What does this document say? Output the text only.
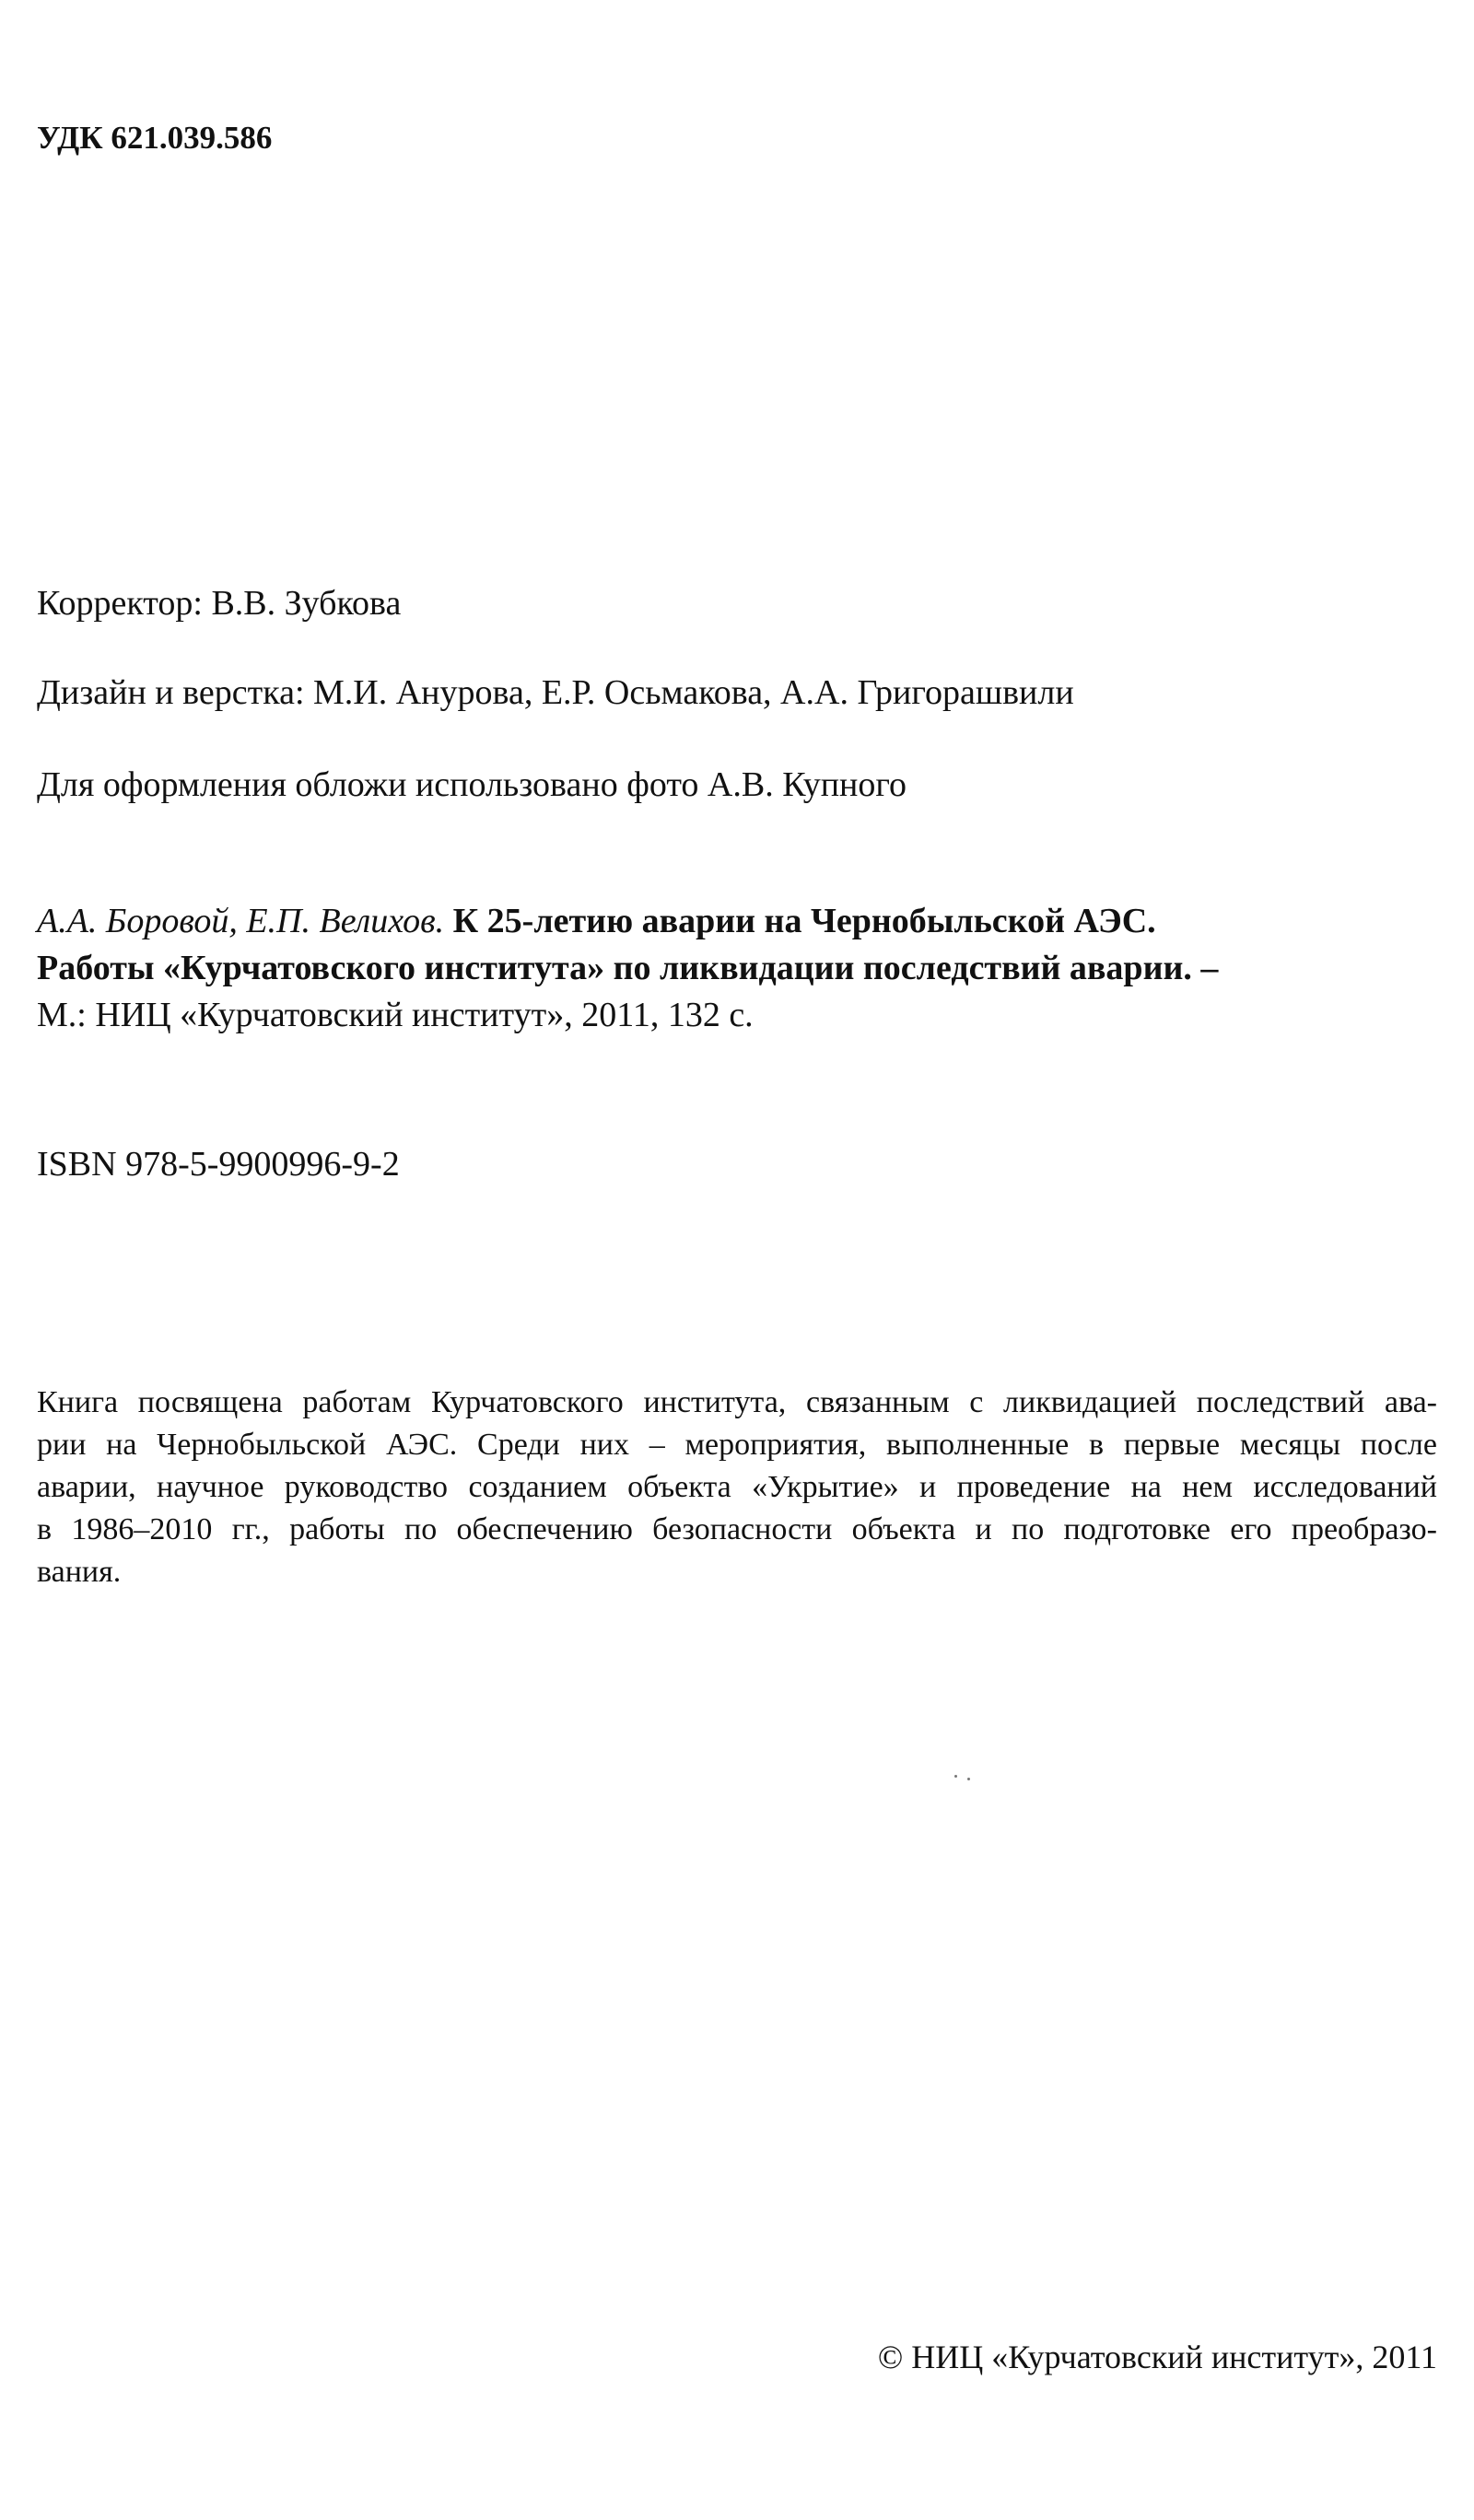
УДК 621.039.586
Корректор: В.В. Зубкова
Дизайн и верстка: М.И. Анурова, Е.Р. Осьмакова, А.А. Григорашвили
Для оформления обложи использовано фото А.В. Купного
А.А. Боровой, Е.П. Велихов. К 25-летию аварии на Чернобыльской АЭС.
Работы «Курчатовского института» по ликвидации последствий аварии. –
М.: НИЦ «Курчатовский институт», 2011, 132 с.
ISBN 978-5-9900996-9-2
Книга посвящена работам Курчатовского института, связанным с ликвидацией последствий ава-
рии на Чернобыльской АЭС. Среди них – мероприятия, выполненные в первые месяцы после
аварии, научное руководство созданием объекта «Укрытие» и проведение на нем исследований
в 1986–2010 гг., работы по обеспечению безопасности объекта и по подготовке его преобразо-
вания.
© НИЦ «Курчатовский институт», 2011
